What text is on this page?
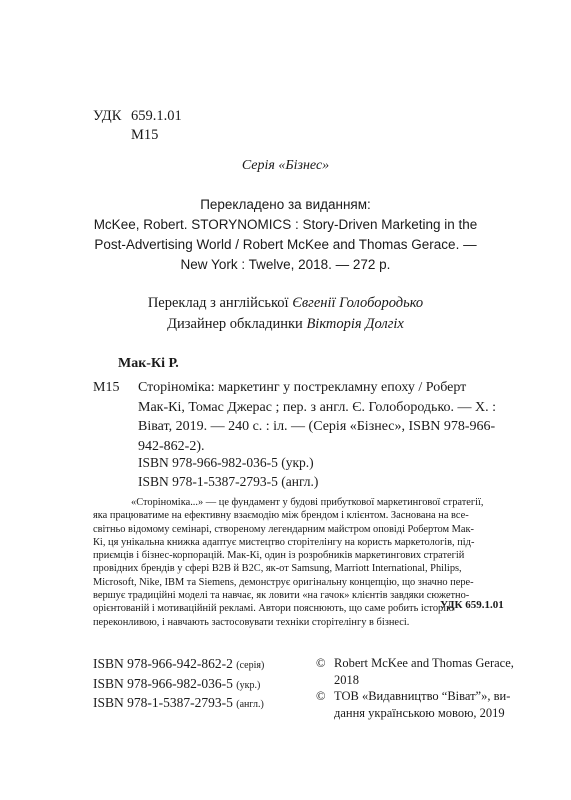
УДК 659.1.01
М15
Серія «Бізнес»
Перекладено за виданням:
McKee, Robert. STORYNOMICS : Story-Driven Marketing in the
Post-Advertising World / Robert McKee and Thomas Gerace. —
New York : Twelve, 2018. — 272 p.
Переклад з англійської Євгенії Голобородько
Дизайнер обкладинки Вікторія Долгіх
Мак-Кі Р.
М15 Сторіноміка: маркетинг у пострекламну епоху / Роберт
Мак-Кі, Томас Джерас ; пер. з англ. Є. Голобородько. — Х. :
Віват, 2019. — 240 с. : іл. — (Серія «Бізнес», ISBN 978-966-
942-862-2).
ISBN 978-966-982-036-5 (укр.)
ISBN 978-1-5387-2793-5 (англ.)
«Сторіноміка...» — це фундамент у будові прибуткової маркетингової стратегії,
яка працюватиме на ефективну взаємодію між брендом і клієнтом. Заснована на все-
світньо відомому семінарі, створеному легендарним майстром оповіді Робертом Мак-
Кі, ця унікальна книжка адаптує мистецтво сторітелінгу на користь маркетологів, під-
приємців і бізнес-корпорацій. Мак-Кі, один із розробників маркетингових стратегій
провідних брендів у сфері B2B й B2C, як-от Samsung, Marriott International, Philips,
Microsoft, Nike, IBM та Siemens, демонструє оригінальну концепцію, що значно пере-
вершує традиційні моделі та навчає, як ловити «на гачок» клієнтів завдяки сюжетно-
орієнтованій і мотиваційній рекламі. Автори пояснюють, що саме робить історію
переконливою, і навчають застосовувати техніки сторітелінгу в бізнесі.
УДК 659.1.01
ISBN 978-966-942-862-2 (серія)
ISBN 978-966-982-036-5 (укр.)
ISBN 978-1-5387-2793-5 (англ.)
© Robert McKee and Thomas Gerace,
2018
© ТОВ «Видавництво “Віват”», ви-
дання українською мовою, 2019
